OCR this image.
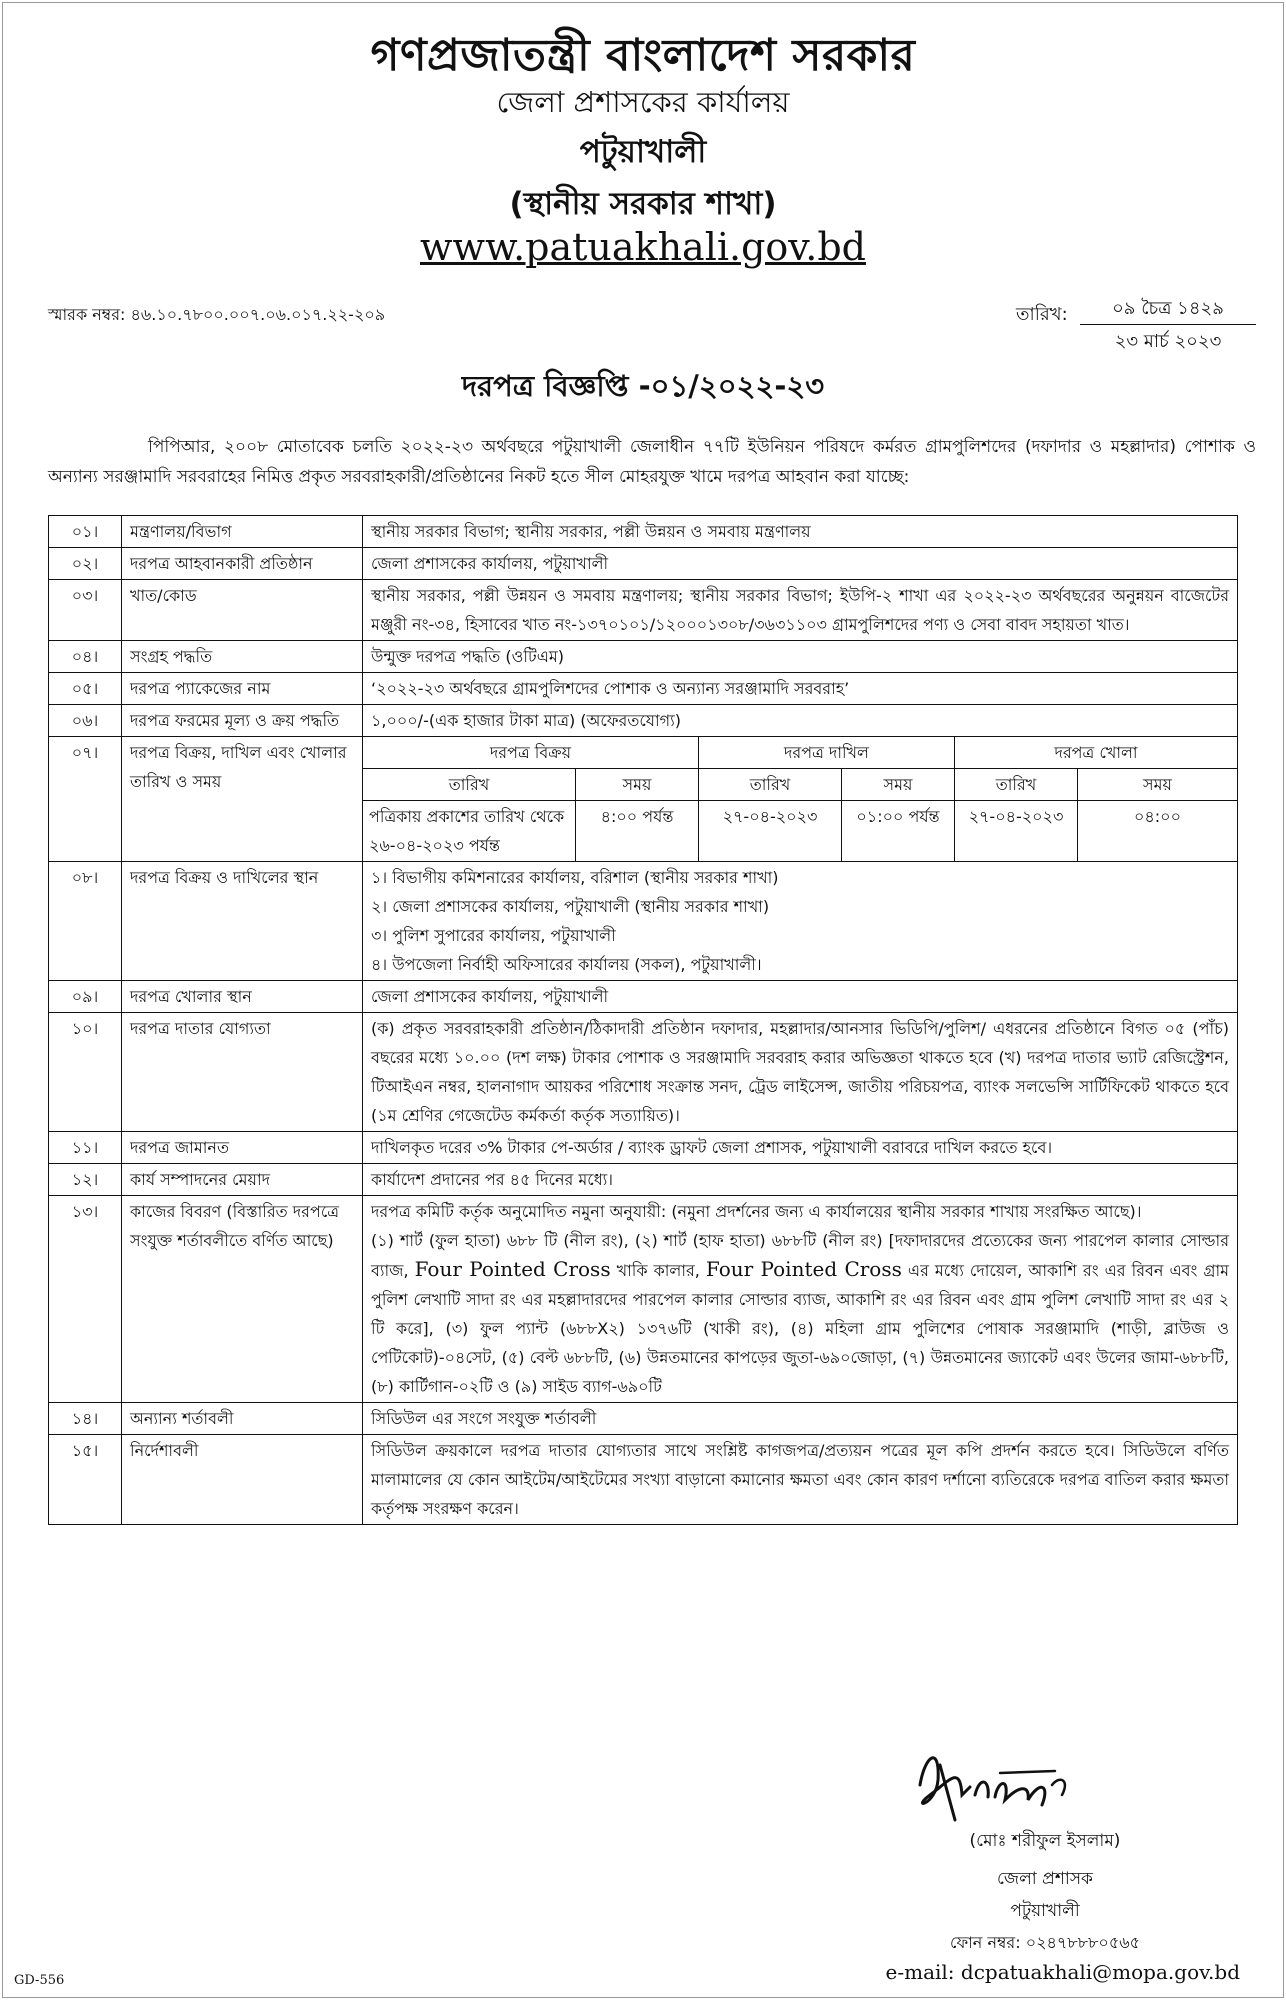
গণপ্রজাতন্ত্রী বাংলাদেশ সরকার
জেলা প্রশাসকের কার্যালয়
পটুয়াখালী
(স্থানীয় সরকার শাখা)
www.patuakhali.gov.bd
স্মারক নম্বর: ৪৬.১০.৭৮০০.০০৭.০৬.০১৭.২২-২০৯	তারিখ:	০৯ চৈত্র ১৪২৯
২৩ মার্চ ২০২৩
দরপত্র বিজ্ঞপ্তি -০১/২০২২-২৩
পিপিআর, ২০০৮ মোতাবেক চলতি ২০২২-২৩ অর্থবছরে পটুয়াখালী জেলাধীন ৭৭টি ইউনিয়ন পরিষদে কর্মরত গ্রামপুলিশদের (দফাদার ও মহল্লাদার) পোশাক ও অন্যান্য সরঞ্জামাদি সরবরাহের নিমিত্ত প্রকৃত সরবরাহকারী/প্রতিষ্ঠানের নিকট হতে সীল মোহরযুক্ত খামে দরপত্র আহবান করা যাচ্ছে:
০১।	মন্ত্রণালয়/বিভাগ	স্থানীয় সরকার বিভাগ; স্থানীয় সরকার, পল্লী উন্নয়ন ও সমবায় মন্ত্রণালয়
০২।	দরপত্র আহবানকারী প্রতিষ্ঠান	জেলা প্রশাসকের কার্যালয়, পটুয়াখালী
০৩।	খাত/কোড	স্থানীয় সরকার, পল্লী উন্নয়ন ও সমবায় মন্ত্রণালয়; স্থানীয় সরকার বিভাগ; ইউপি-২ শাখা এর ২০২২-২৩ অর্থবছরের অনুন্নয়ন বাজেটের মঞ্জুরী নং-৩৪, হিসাবের খাত নং-১৩৭০১০১/১২০০০১৩০৮/৩৬৩১১০৩ গ্রামপুলিশদের পণ্য ও সেবা বাবদ সহায়তা খাত।
০৪।	সংগ্রহ পদ্ধতি	উন্মুক্ত দরপত্র পদ্ধতি (ওটিএম)
০৫।	দরপত্র প্যাকেজের নাম	‘২০২২-২৩ অর্থবছরে গ্রামপুলিশদের পোশাক ও অন্যান্য সরঞ্জামাদি সরবরাহ’
০৬।	দরপত্র ফরমের মূল্য ও ক্রয় পদ্ধতি	১,০০০/-(এক হাজার টাকা মাত্র) (অফেরতযোগ্য)
০৭।	দরপত্র বিক্রয়, দাখিল এবং খোলার তারিখ ও সময়	
দরপত্র বিক্রয়	দরপত্র দাখিল	দরপত্র খোলা
তারিখ	সময়	তারিখ	সময়	তারিখ	সময়
পত্রিকায় প্রকাশের তারিখ থেকে ২৬-০৪-২০২৩ পর্যন্ত	৪:০০ পর্যন্ত	২৭-০৪-২০২৩	০১:০০ পর্যন্ত	২৭-০৪-২০২৩	০৪:০০

০৮।	দরপত্র বিক্রয় ও দাখিলের স্থান	১। বিভাগীয় কমিশনারের কার্যালয়, বরিশাল (স্থানীয় সরকার শাখা)
২। জেলা প্রশাসকের কার্যালয়, পটুয়াখালী (স্থানীয় সরকার শাখা)
৩। পুলিশ সুপারের কার্যালয়, পটুয়াখালী
৪। উপজেলা নির্বাহী অফিসারের কার্যালয় (সকল), পটুয়াখালী।

০৯।	দরপত্র খোলার স্থান	জেলা প্রশাসকের কার্যালয়, পটুয়াখালী
১০।	দরপত্র দাতার যোগ্যতা	(ক) প্রকৃত সরবরাহকারী প্রতিষ্ঠান/ঠিকাদারী প্রতিষ্ঠান দফাদার, মহল্লাদার/আনসার ভিডিপি/পুলিশ/ এধরনের প্রতিষ্ঠানে বিগত ০৫ (পাঁচ) বছরের মধ্যে ১০.০০ (দশ লক্ষ) টাকার পোশাক ও সরঞ্জামাদি সরবরাহ করার অভিজ্ঞতা থাকতে হবে (খ) দরপত্র দাতার ভ্যাট রেজিস্ট্রেশন, টিআইএন নম্বর, হালনাগাদ আয়কর পরিশোধ সংক্রান্ত সনদ, ট্রেড লাইসেন্স, জাতীয় পরিচয়পত্র, ব্যাংক সলভেন্সি সার্টিফিকেট থাকতে হবে (১ম শ্রেণির গেজেটেড কর্মকর্তা কর্তৃক সত্যায়িত)।
১১।	দরপত্র জামানত	দাখিলকৃত দরের ৩% টাকার পে-অর্ডার / ব্যাংক ড্রাফট জেলা প্রশাসক, পটুয়াখালী বরাবরে দাখিল করতে হবে।
১২।	কার্য সম্পাদনের মেয়াদ	কার্যাদেশ প্রদানের পর ৪৫ দিনের মধ্যে।
১৩।	কাজের বিবরণ (বিস্তারিত দরপত্রে সংযুক্ত শর্তাবলীতে বর্ণিত আছে)	
দরপত্র কমিটি কর্তৃক অনুমোদিত নমুনা অনুযায়ী: (নমুনা প্রদর্শনের জন্য এ কার্যালয়ের স্থানীয় সরকার শাখায় সংরক্ষিত আছে)।
(১) শার্ট (ফুল হাতা) ৬৮৮ টি (নীল রং), (২) শার্ট (হাফ হাতা) ৬৮৮টি (নীল রং) [দফাদারদের প্রত্যেকের জন্য পারপেল কালার সোল্ডার ব্যাজ, Four Pointed Cross খাকি কালার, Four Pointed Cross এর মধ্যে দোয়েল, আকাশি রং এর রিবন এবং গ্রাম পুলিশ লেখাটি সাদা রং এর মহল্লাদারদের পারপেল কালার সোল্ডার ব্যাজ, আকাশি রং এর রিবন এবং গ্রাম পুলিশ লেখাটি সাদা রং এর ২ টি করে], (৩) ফুল প্যান্ট (৬৮৮X২) ১৩৭৬টি (খাকী রং), (৪) মহিলা গ্রাম পুলিশের পোষাক সরঞ্জামাদি (শাড়ী, ব্লাউজ ও পেটিকোট)-০৪সেট, (৫) বেল্ট ৬৮৮টি, (৬) উন্নতমানের কাপড়ের জুতা-৬৯০জোড়া, (৭) উন্নতমানের জ্যাকেট এবং উলের জামা-৬৮৮টি, (৮) কার্টিগান-০২টি ও (৯) সাইড ব্যাগ-৬৯০টি

১৪।	অন্যান্য শর্তাবলী	সিডিউল এর সংগে সংযুক্ত শর্তাবলী
১৫।	নির্দেশাবলী	সিডিউল ক্রয়কালে দরপত্র দাতার যোগ্যতার সাথে সংশ্লিষ্ট কাগজপত্র/প্রত্যয়ন পত্রের মূল কপি প্রদর্শন করতে হবে। সিডিউলে বর্ণিত মালামালের যে কোন আইটেম/আইটেমের সংখ্যা বাড়ানো কমানোর ক্ষমতা এবং কোন কারণ দর্শানো ব্যতিরেকে দরপত্র বাতিল করার ক্ষমতা কর্তৃপক্ষ সংরক্ষণ করেন।
(মোঃ শরীফুল ইসলাম)
জেলা প্রশাসক
পটুয়াখালী
ফোন নম্বর: ০২৪৭৮৮৮০৫৬৫
e-mail: dcpatuakhali@mopa.gov.bd
GD-556
